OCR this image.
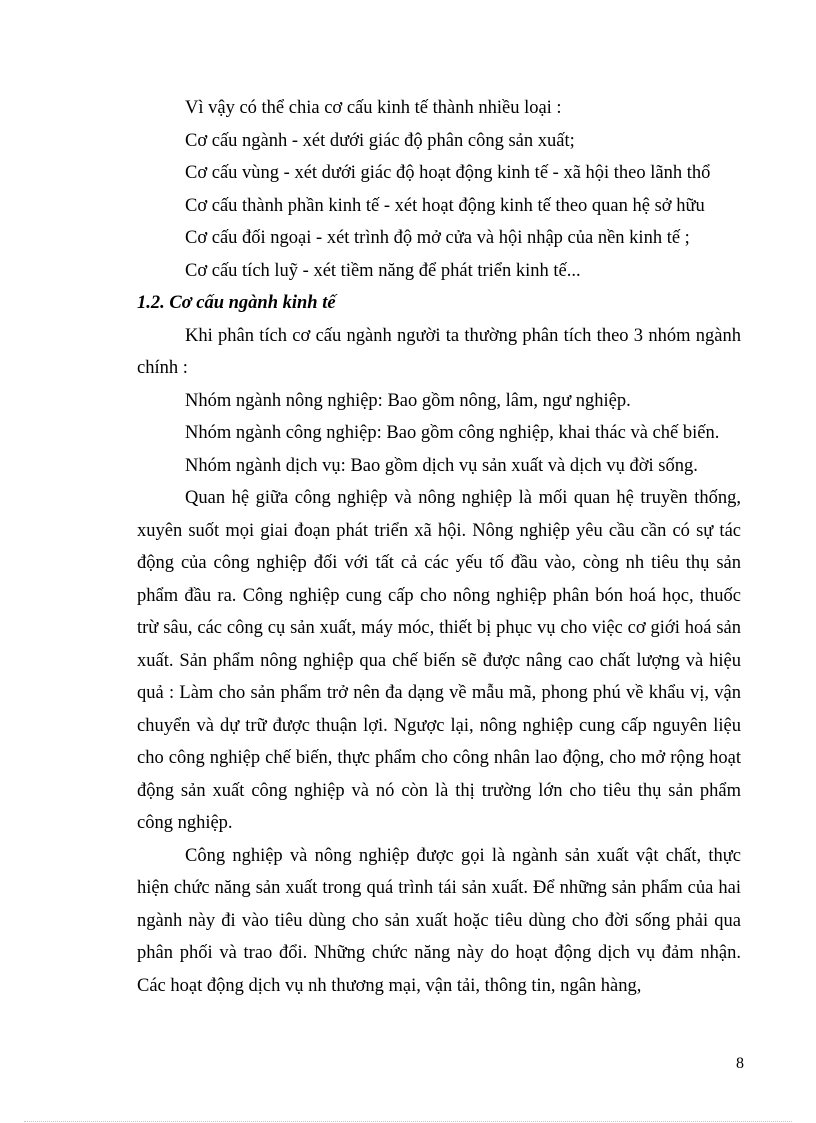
Vì vậy có thể chia cơ cấu kinh tế thành nhiều loại :

Cơ cấu ngành - xét dưới giác độ phân công sản xuất;

Cơ cấu vùng - xét dưới giác độ hoạt động kinh tế - xã hội theo lãnh thổ

Cơ cấu thành phần kinh tế - xét hoạt động kinh tế theo quan hệ sở hữu

Cơ cấu đối ngoại - xét trình độ mở cửa và hội nhập của nền kinh tế ;

Cơ cấu tích luỹ - xét tiềm năng để phát triển kinh tế...

1.2. Cơ cấu ngành kinh tế

Khi phân tích cơ cấu ngành người ta thường phân tích theo 3 nhóm ngành chính :

Nhóm ngành nông nghiệp: Bao gồm nông, lâm, ngư nghiệp.

Nhóm ngành công nghiệp: Bao gồm công nghiệp, khai thác và chế biến.

Nhóm ngành dịch vụ: Bao gồm dịch vụ sản xuất và dịch vụ đời sống.

Quan hệ giữa công nghiệp và nông nghiệp là mối quan hệ truyền thống, xuyên suốt mọi giai đoạn phát triển xã hội. Nông nghiệp yêu cầu cần có sự tác động của công nghiệp đối với tất cả các yếu tố đầu vào, còng nh tiêu thụ sản phẩm đầu ra. Công nghiệp cung cấp cho nông nghiệp phân bón hoá học, thuốc trừ sâu, các công cụ sản xuất, máy móc, thiết bị phục vụ cho việc cơ giới hoá sản xuất. Sản phẩm nông nghiệp qua chế biến sẽ được nâng cao chất lượng và hiệu quả : Làm cho sản phẩm trở nên đa dạng về mẫu mã, phong phú về khẩu vị, vận chuyển và dự trữ được thuận lợi. Ngược lại, nông nghiệp cung cấp nguyên liệu cho công nghiệp chế biến, thực phẩm cho công nhân lao động, cho mở rộng hoạt động sản xuất công nghiệp và nó còn là thị trường lớn cho tiêu thụ sản phẩm công nghiệp.

Công nghiệp và nông nghiệp được gọi là ngành sản xuất vật chất, thực hiện chức năng sản xuất trong quá trình tái sản xuất. Để những sản phẩm của hai ngành này đi vào tiêu dùng cho sản xuất hoặc tiêu dùng cho đời sống phải qua phân phối và trao đổi. Những chức năng này do hoạt động dịch vụ đảm nhận. Các hoạt động dịch vụ nh thương mại, vận tải, thông tin, ngân hàng,

8
